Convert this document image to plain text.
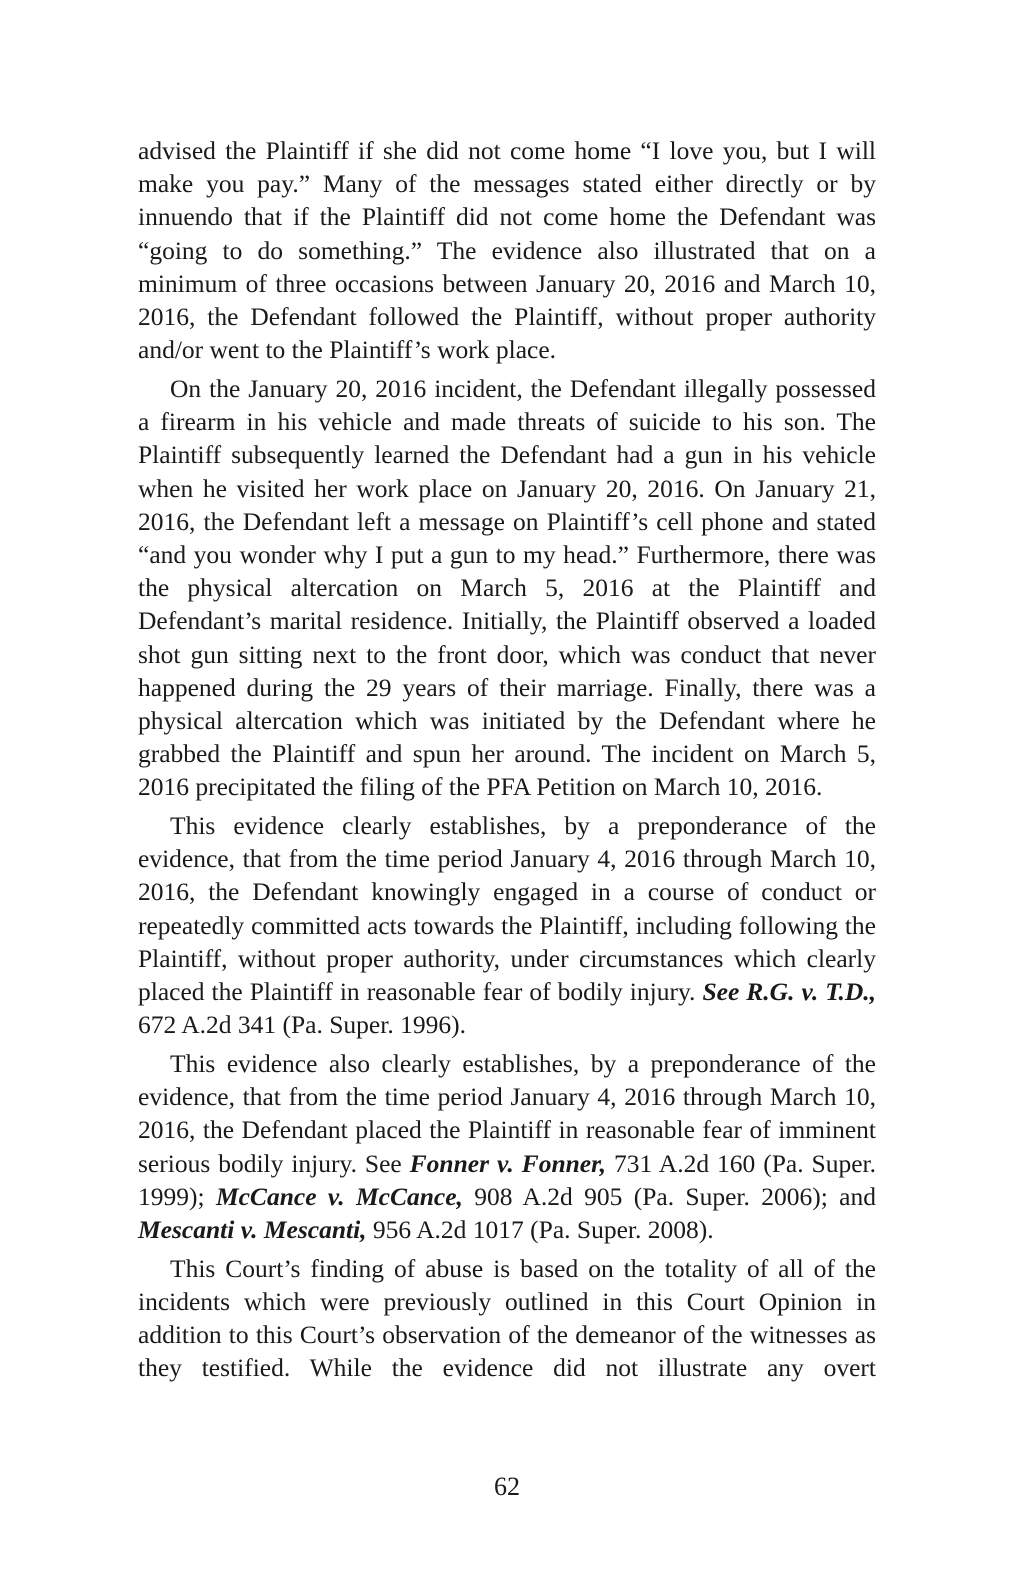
advised the Plaintiff if she did not come home “I love you, but I will make you pay.” Many of the messages stated either directly or by innuendo that if the Plaintiff did not come home the Defendant was “going to do something.” The evidence also illustrated that on a minimum of three occasions between January 20, 2016 and March 10, 2016, the Defendant followed the Plaintiff, without proper authority and/or went to the Plaintiff’s work place.

On the January 20, 2016 incident, the Defendant illegally possessed a firearm in his vehicle and made threats of suicide to his son. The Plaintiff subsequently learned the Defendant had a gun in his vehicle when he visited her work place on January 20, 2016. On January 21, 2016, the Defendant left a message on Plaintiff’s cell phone and stated “and you wonder why I put a gun to my head.” Furthermore, there was the physical altercation on March 5, 2016 at the Plaintiff and Defendant’s marital residence. Initially, the Plaintiff observed a loaded shot gun sitting next to the front door, which was conduct that never happened during the 29 years of their marriage. Finally, there was a physical altercation which was initiated by the Defendant where he grabbed the Plaintiff and spun her around. The incident on March 5, 2016 precipitated the filing of the PFA Petition on March 10, 2016.

This evidence clearly establishes, by a preponderance of the evidence, that from the time period January 4, 2016 through March 10, 2016, the Defendant knowingly engaged in a course of conduct or repeatedly committed acts towards the Plaintiff, including following the Plaintiff, without proper authority, under circumstances which clearly placed the Plaintiff in reasonable fear of bodily injury. See R.G. v. T.D., 672 A.2d 341 (Pa. Super. 1996).

This evidence also clearly establishes, by a preponderance of the evidence, that from the time period January 4, 2016 through March 10, 2016, the Defendant placed the Plaintiff in reasonable fear of imminent serious bodily injury. See Fonner v. Fonner, 731 A.2d 160 (Pa. Super. 1999); McCance v. McCance, 908 A.2d 905 (Pa. Super. 2006); and Mescanti v. Mescanti, 956 A.2d 1017 (Pa. Super. 2008).

This Court’s finding of abuse is based on the totality of all of the incidents which were previously outlined in this Court Opinion in addition to this Court’s observation of the demeanor of the witnesses as they testified. While the evidence did not illustrate any overt

62
